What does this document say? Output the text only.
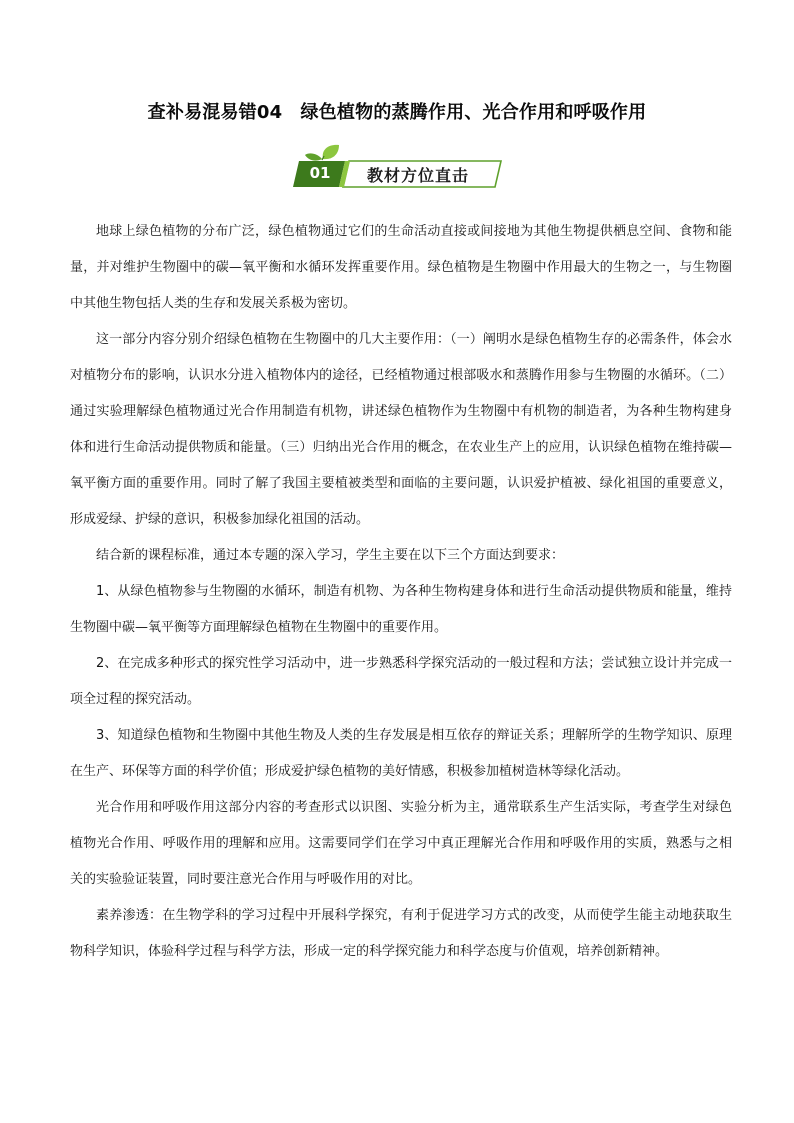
查补易混易错04　绿色植物的蒸腾作用、光合作用和呼吸作用
01	教材方位直击

地球上绿色植物的分布广泛，绿色植物通过它们的生命活动直接或间接地为其他生物提供栖息空间、食物和能量，并对维护生物圈中的碳—氧平衡和水循环发挥重要作用。绿色植物是生物圈中作用最大的生物之一，与生物圈中其他生物包括人类的生存和发展关系极为密切。

这一部分内容分别介绍绿色植物在生物圈中的几大主要作用：（一）阐明水是绿色植物生存的必需条件，体会水对植物分布的影响，认识水分进入植物体内的途径，已经植物通过根部吸水和蒸腾作用参与生物圈的水循环。（二）通过实验理解绿色植物通过光合作用制造有机物，讲述绿色植物作为生物圈中有机物的制造者，为各种生物构建身体和进行生命活动提供物质和能量。（三）归纳出光合作用的概念，在农业生产上的应用，认识绿色植物在维持碳—氧平衡方面的重要作用。同时了解了我国主要植被类型和面临的主要问题，认识爱护植被、绿化祖国的重要意义，形成爱绿、护绿的意识，积极参加绿化祖国的活动。

结合新的课程标准，通过本专题的深入学习，学生主要在以下三个方面达到要求：

1、从绿色植物参与生物圈的水循环，制造有机物、为各种生物构建身体和进行生命活动提供物质和能量，维持生物圈中碳—氧平衡等方面理解绿色植物在生物圈中的重要作用。

2、在完成多种形式的探究性学习活动中，进一步熟悉科学探究活动的一般过程和方法；尝试独立设计并完成一项全过程的探究活动。

3、知道绿色植物和生物圈中其他生物及人类的生存发展是相互依存的辩证关系；理解所学的生物学知识、原理在生产、环保等方面的科学价值；形成爱护绿色植物的美好情感，积极参加植树造林等绿化活动。

光合作用和呼吸作用这部分内容的考查形式以识图、实验分析为主，通常联系生产生活实际，考查学生对绿色植物光合作用、呼吸作用的理解和应用。这需要同学们在学习中真正理解光合作用和呼吸作用的实质，熟悉与之相关的实验验证装置，同时要注意光合作用与呼吸作用的对比。

素养渗透：在生物学科的学习过程中开展科学探究，有利于促进学习方式的改变，从而使学生能主动地获取生物科学知识，体验科学过程与科学方法，形成一定的科学探究能力和科学态度与价值观，培养创新精神。
